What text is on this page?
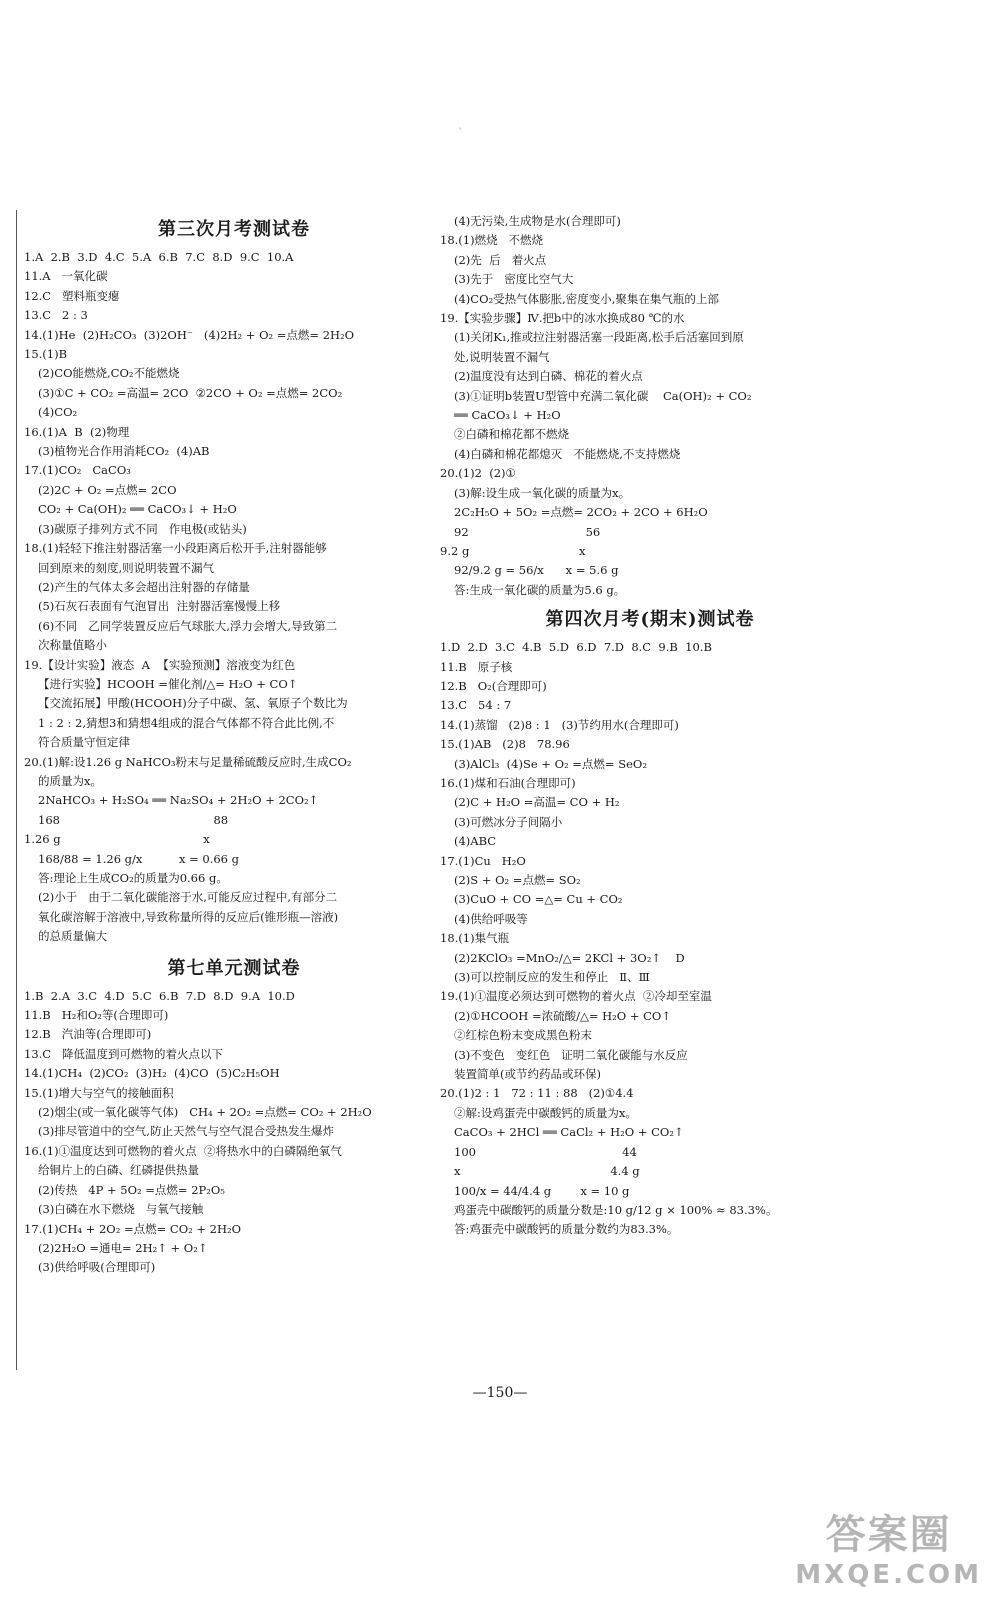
`
第三次月考测试卷
1.A  2.B  3.D  4.C  5.A  6.B  7.C  8.D  9.C  10.A
11.A   一氧化碳
12.C   塑料瓶变瘪
13.C   2 : 3
14.(1)He  (2)H₂CO₃  (3)2OH⁻   (4)2H₂ + O₂ =点燃= 2H₂O
15.(1)B
(2)CO能燃烧,CO₂不能燃烧
(3)①C + CO₂ =高温= 2CO  ②2CO + O₂ =点燃= 2CO₂
(4)CO₂
16.(1)A  B  (2)物理
(3)植物光合作用消耗CO₂  (4)AB
17.(1)CO₂   CaCO₃
(2)2C + O₂ =点燃= 2CO
CO₂ + Ca(OH)₂ ══ CaCO₃↓ + H₂O
(3)碳原子排列方式不同   作电极(或钻头)
18.(1)轻轻下推注射器活塞一小段距离后松开手,注射器能够
回到原来的刻度,则说明装置不漏气
(2)产生的气体太多会超出注射器的存储量
(5)石灰石表面有气泡冒出  注射器活塞慢慢上移
(6)不同   乙同学装置反应后气球胀大,浮力会增大,导致第二
次称量值略小
19.【设计实验】液态  A  【实验预测】溶液变为红色
【进行实验】HCOOH =催化剂/△= H₂O + CO↑
【交流拓展】甲酸(HCOOH)分子中碳、氢、氧原子个数比为
1 : 2 : 2,猜想3和猜想4组成的混合气体都不符合此比例,不
符合质量守恒定律
20.(1)解:设1.26 g NaHCO₃粉末与足量稀硫酸反应时,生成CO₂
的质量为x。
2NaHCO₃ + H₂SO₄ ══ Na₂SO₄ + 2H₂O + 2CO₂↑
168                                          88
1.26 g                                       x
168/88 = 1.26 g/x          x = 0.66 g
答:理论上生成CO₂的质量为0.66 g。
(2)小于   由于二氧化碳能溶于水,可能反应过程中,有部分二
氧化碳溶解于溶液中,导致称量所得的反应后(锥形瓶—溶液)
的总质量偏大
第七单元测试卷
1.B  2.A  3.C  4.D  5.C  6.B  7.D  8.D  9.A  10.D
11.B   H₂和O₂等(合理即可)
12.B   汽油等(合理即可)
13.C   降低温度到可燃物的着火点以下
14.(1)CH₄  (2)CO₂  (3)H₂  (4)CO  (5)C₂H₅OH
15.(1)增大与空气的接触面积
(2)烟尘(或一氧化碳等气体)   CH₄ + 2O₂ =点燃= CO₂ + 2H₂O
(3)排尽管道中的空气,防止天然气与空气混合受热发生爆炸
16.(1)①温度达到可燃物的着火点  ②将热水中的白磷隔绝氧气
给铜片上的白磷、红磷提供热量
(2)传热   4P + 5O₂ =点燃= 2P₂O₅
(3)白磷在水下燃烧   与氧气接触
17.(1)CH₄ + 2O₂ =点燃= CO₂ + 2H₂O
(2)2H₂O =通电= 2H₂↑ + O₂↑
(3)供给呼吸(合理即可)
(4)无污染,生成物是水(合理即可)
18.(1)燃烧   不燃烧
(2)先  后   着火点
(3)先于   密度比空气大
(4)CO₂受热气体膨胀,密度变小,聚集在集气瓶的上部
19.【实验步骤】Ⅳ.把b中的冰水换成80 ℃的水
(1)关闭K₁,推或拉注射器活塞一段距离,松手后活塞回到原
处,说明装置不漏气
(2)温度没有达到白磷、棉花的着火点
(3)①证明b装置U型管中充满二氧化碳    Ca(OH)₂ + CO₂
══ CaCO₃↓ + H₂O
②白磷和棉花都不燃烧
(4)白磷和棉花都熄灭   不能燃烧,不支持燃烧
20.(1)2  (2)①
(3)解:设生成一氧化碳的质量为x。
2C₂H₅O + 5O₂ =点燃= 2CO₂ + 2CO + 6H₂O
92                                56
9.2 g                              x
92/9.2 g = 56/x      x = 5.6 g
答:生成一氧化碳的质量为5.6 g。
第四次月考(期末)测试卷
1.D  2.D  3.C  4.B  5.D  6.D  7.D  8.C  9.B  10.B
11.B   原子核
12.B   O₂(合理即可)
13.C   54 : 7
14.(1)蒸馏   (2)8 : 1   (3)节约用水(合理即可)
15.(1)AB   (2)8   78.96
(3)AlCl₃  (4)Se + O₂ =点燃= SeO₂
16.(1)煤和石油(合理即可)
(2)C + H₂O =高温= CO + H₂
(3)可燃冰分子间隔小
(4)ABC
17.(1)Cu   H₂O
(2)S + O₂ =点燃= SO₂
(3)CuO + CO =△= Cu + CO₂
(4)供给呼吸等
18.(1)集气瓶
(2)2KClO₃ =MnO₂/△= 2KCl + 3O₂↑    D
(3)可以控制反应的发生和停止   Ⅱ、Ⅲ
19.(1)①温度必须达到可燃物的着火点  ②冷却至室温
(2)①HCOOH =浓硫酸/△= H₂O + CO↑
②红棕色粉末变成黑色粉末
(3)不变色   变红色   证明二氧化碳能与水反应
装置简单(或节约药品或环保)
20.(1)2 : 1   72 : 11 : 88   (2)①4.4
②解:设鸡蛋壳中碳酸钙的质量为x。
CaCO₃ + 2HCl ══ CaCl₂ + H₂O + CO₂↑
100                                        44
x                                         4.4 g
100/x = 44/4.4 g        x = 10 g
鸡蛋壳中碳酸钙的质量分数是:10 g/12 g × 100% ≈ 83.3%。
答:鸡蛋壳中碳酸钙的质量分数约为83.3%。
—150—
答案圈
MXQE.COM
